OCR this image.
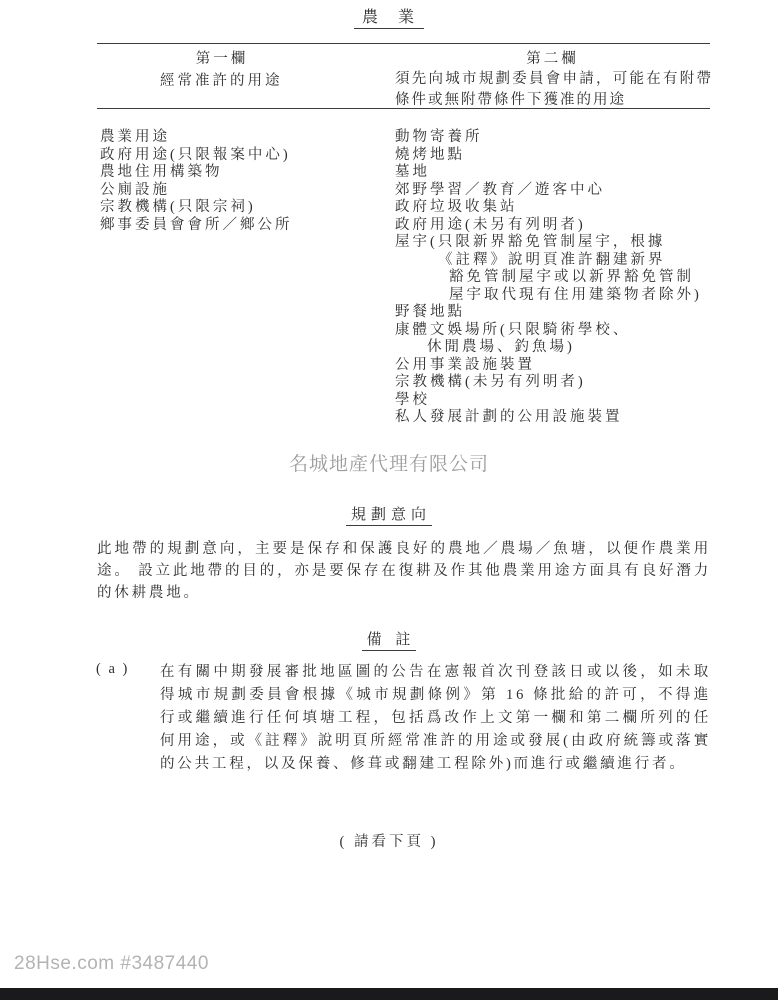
農 業
第一欄
經常准許的用途
第二欄
須先向城市規劃委員會申請，可能在有附帶條件或無附帶條件下獲准的用途
農業用途
政府用途(只限報案中心)
農地住用構築物
公廁設施
宗教機構(只限宗祠)
鄉事委員會會所／鄉公所
動物寄養所
燒烤地點
墓地
郊野學習／教育／遊客中心
政府垃圾收集站
政府用途(未另有列明者)
屋宇(只限新界豁免管制屋宇，根據
《註釋》說明頁准許翻建新界
豁免管制屋宇或以新界豁免管制
屋宇取代現有住用建築物者除外)
野餐地點
康體文娛場所(只限騎術學校、
休閒農場、釣魚場)
公用事業設施裝置
宗教機構(未另有列明者)
學校
私人發展計劃的公用設施裝置
名城地產代理有限公司
規劃意向
此地帶的規劃意向，主要是保存和保護良好的農地／農場／魚塘，以便作農業用途。 設立此地帶的目的，亦是要保存在復耕及作其他農業用途方面具有良好潛力的休耕農地。
備 註
( a ) 在有關中期發展審批地區圖的公告在憲報首次刊登該日或以後，如未取得城市規劃委員會根據《城市規劃條例》第 16 條批給的許可，不得進行或繼續進行任何填塘工程，包括爲改作上文第一欄和第二欄所列的任何用途，或《註釋》說明頁所經常准許的用途或發展(由政府統籌或落實的公共工程，以及保養、修葺或翻建工程除外)而進行或繼續進行者。
( 請看下頁 )
28Hse.com #3487440
